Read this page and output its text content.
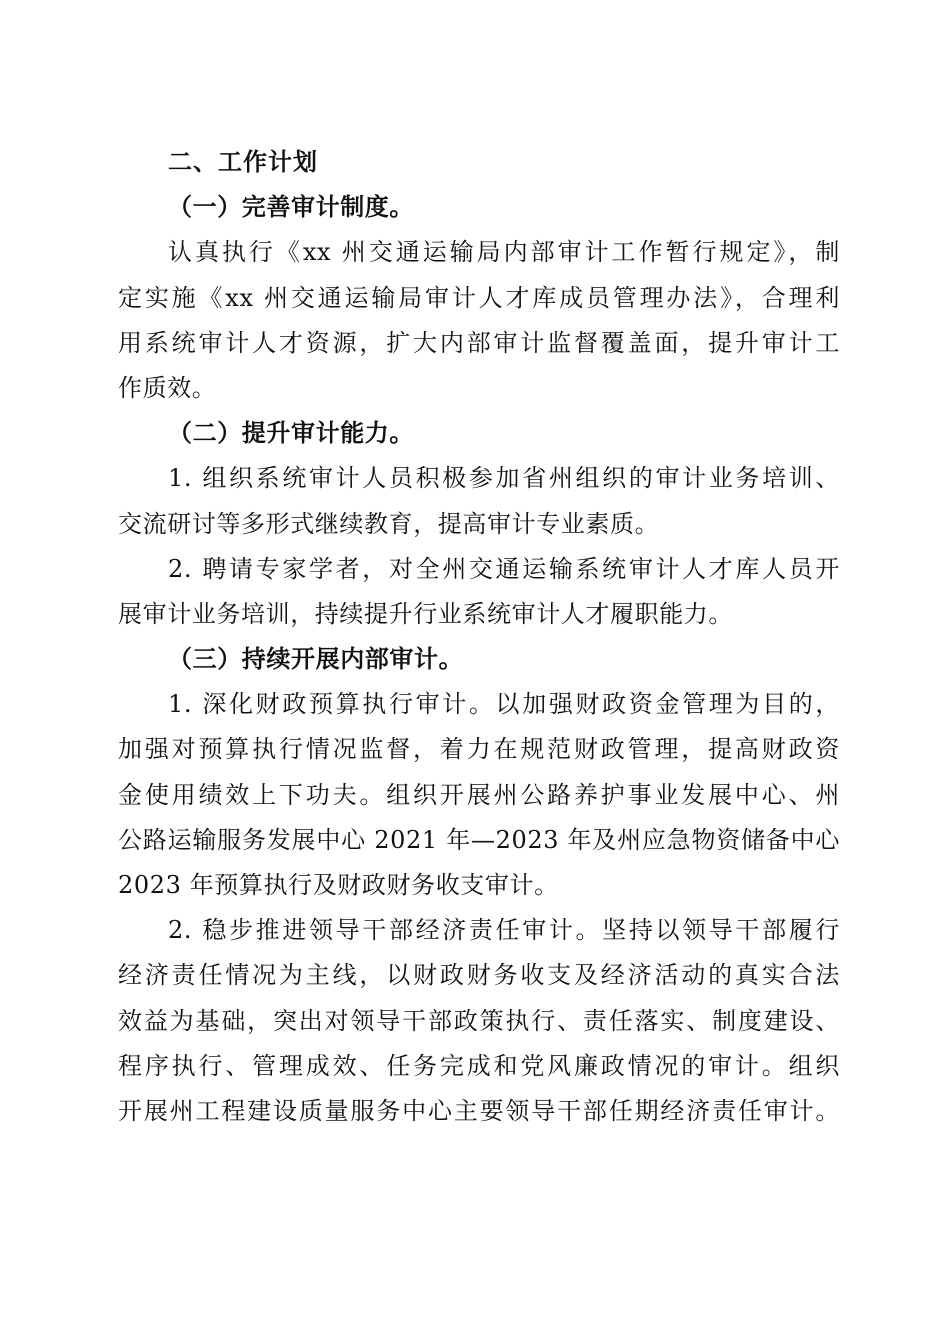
二、工作计划
（一）完善审计制度。
认真执行《xx 州交通运输局内部审计工作暂行规定》，制
定实施《xx 州交通运输局审计人才库成员管理办法》，合理利
用系统审计人才资源，扩大内部审计监督覆盖面，提升审计工
作质效。
（二）提升审计能力。
1. 组织系统审计人员积极参加省州组织的审计业务培训、
交流研讨等多形式继续教育，提高审计专业素质。
2. 聘请专家学者，对全州交通运输系统审计人才库人员开
展审计业务培训，持续提升行业系统审计人才履职能力。
（三）持续开展内部审计。
1. 深化财政预算执行审计。以加强财政资金管理为目的，
加强对预算执行情况监督，着力在规范财政管理，提高财政资
金使用绩效上下功夫。组织开展州公路养护事业发展中心、州
公路运输服务发展中心 2021 年—2023 年及州应急物资储备中心
2023 年预算执行及财政财务收支审计。
2. 稳步推进领导干部经济责任审计。坚持以领导干部履行
经济责任情况为主线，以财政财务收支及经济活动的真实合法
效益为基础，突出对领导干部政策执行、责任落实、制度建设、
程序执行、管理成效、任务完成和党风廉政情况的审计。组织
开展州工程建设质量服务中心主要领导干部任期经济责任审计。
